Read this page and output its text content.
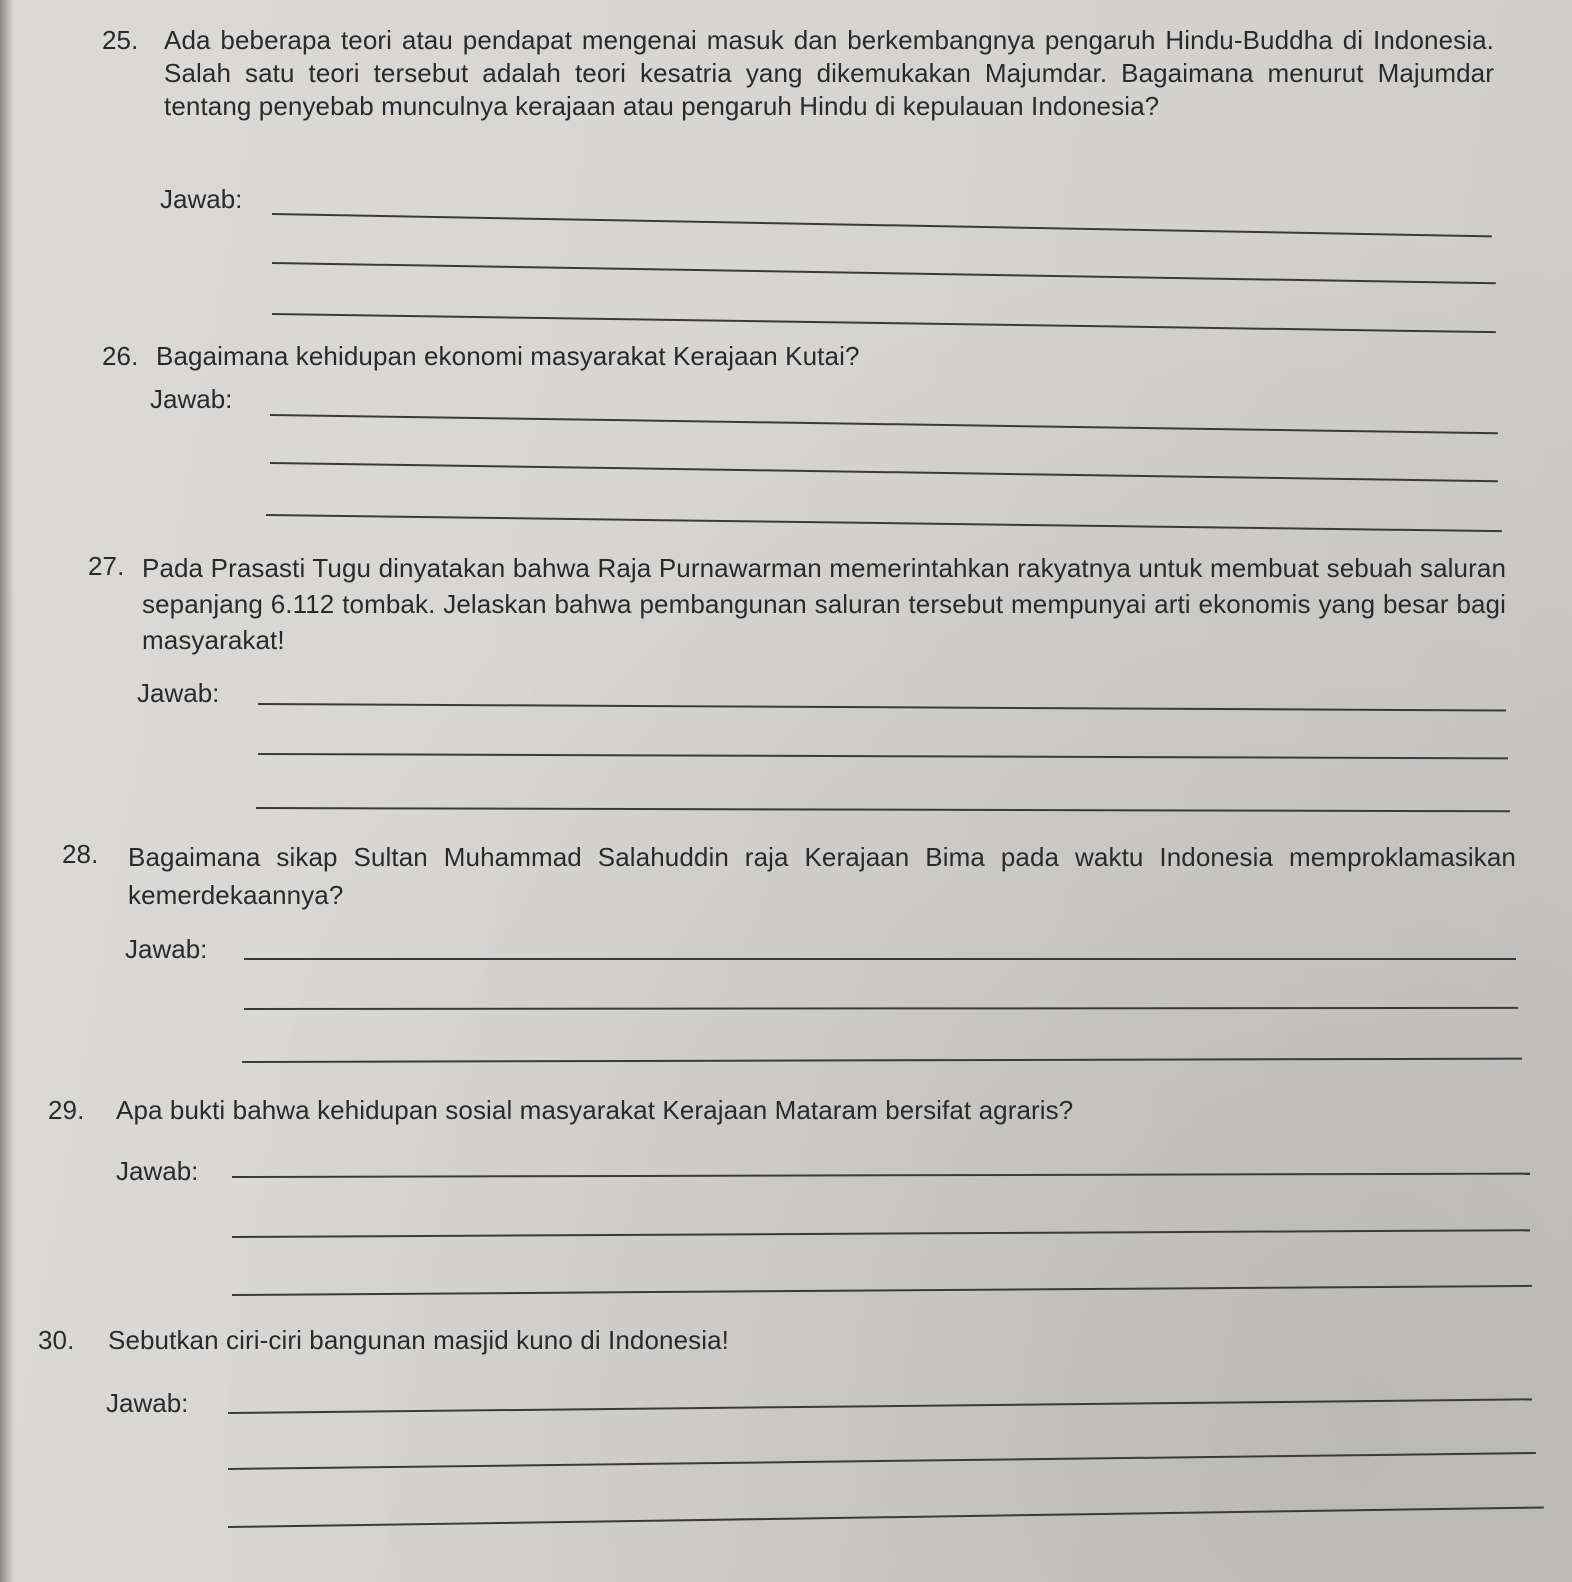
25. Ada beberapa teori atau pendapat mengenai masuk dan berkembangnya pengaruh Hindu-Buddha di Indonesia. Salah satu teori tersebut adalah teori kesatria yang dikemukakan Majumdar. Bagaimana menurut Majumdar tentang penyebab munculnya kerajaan atau pengaruh Hindu di kepulauan Indonesia?
Jawab:
26. Bagaimana kehidupan ekonomi masyarakat Kerajaan Kutai?
Jawab:
27. Pada Prasasti Tugu dinyatakan bahwa Raja Purnawarman memerintahkan rakyatnya untuk membuat sebuah saluran sepanjang 6.112 tombak. Jelaskan bahwa pembangunan saluran tersebut mempunyai arti ekonomis yang besar bagi masyarakat!
Jawab:
28. Bagaimana sikap Sultan Muhammad Salahuddin raja Kerajaan Bima pada waktu Indonesia memproklamasikan kemerdekaannya?
Jawab:
29. Apa bukti bahwa kehidupan sosial masyarakat Kerajaan Mataram bersifat agraris?
Jawab:
30. Sebutkan ciri-ciri bangunan masjid kuno di Indonesia!
Jawab:
